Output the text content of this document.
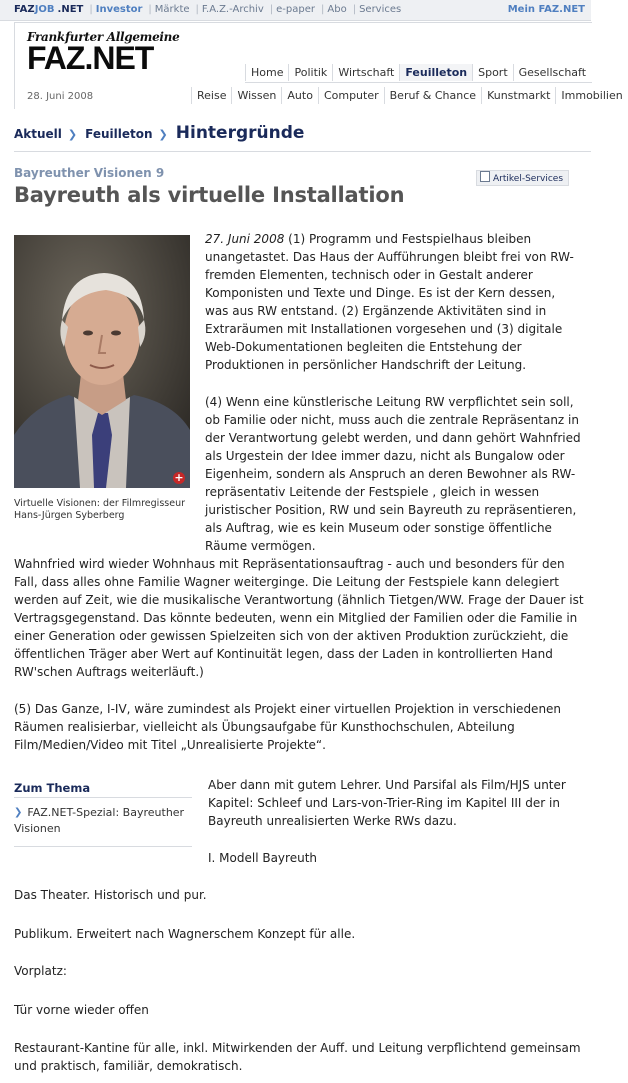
FAZJOB .NET | Investor | Märkte | F.A.Z.-Archiv | e-paper | Abo | Services	Mein FAZ.NET
Frankfurter Allgemeine
FAZ.NET
28. Juni 2008
Home Politik Wirtschaft Feuilleton Sport Gesellschaft
Reise Wissen Auto Computer Beruf & Chance Kunstmarkt Immobilien
Aktuell ❯ Feuilleton ❯ Hintergründe
Bayreuther Visionen 9
Bayreuth als virtuelle Installation
Artikel-Services
+
Virtuelle Visionen: der Filmregisseur Hans-Jürgen Syberberg
27. Juni 2008 (1) Programm und Festspielhaus bleiben unangetastet. Das Haus der Aufführungen bleibt frei von RW-fremden Elementen, technisch oder in Gestalt anderer Komponisten und Texte und Dinge. Es ist der Kern dessen, was aus RW entstand. (2) Ergänzende Aktivitäten sind in Extraräumen mit Installationen vorgesehen und (3) digitale Web-Dokumentationen begleiten die Entstehung der Produktionen in persönlicher Handschrift der Leitung.
(4) Wenn eine künstlerische Leitung RW verpflichtet sein soll, ob Familie oder nicht, muss auch die zentrale Repräsentanz in der Verantwortung gelebt werden, und dann gehört Wahnfried als Urgestein der Idee immer dazu, nicht als Bungalow oder Eigenheim, sondern als Anspruch an deren Bewohner als RW-repräsentativ Leitende der Festspiele , gleich in wessen juristischer Position, RW und sein Bayreuth zu repräsentieren, als Auftrag, wie es kein Museum oder sonstige öffentliche Räume vermögen.
Wahnfried wird wieder Wohnhaus mit Repräsentationsauftrag - auch und besonders für den Fall, dass alles ohne Familie Wagner weiterginge. Die Leitung der Festspiele kann delegiert werden auf Zeit, wie die musikalische Verantwortung (ähnlich Tietgen/WW. Frage der Dauer ist Vertragsgegenstand. Das könnte bedeuten, wenn ein Mitglied der Familien oder die Familie in einer Generation oder gewissen Spielzeiten sich von der aktiven Produktion zurückzieht, die öffentlichen Träger aber Wert auf Kontinuität legen, dass der Laden in kontrollierten Hand RW'schen Auftrags weiterläuft.)
(5) Das Ganze, I-IV, wäre zumindest als Projekt einer virtuellen Projektion in verschiedenen Räumen realisierbar, vielleicht als Übungsaufgabe für Kunsthochschulen, Abteilung Film/Medien/Video mit Titel „Unrealisierte Projekte“.
Zum Thema
❯ FAZ.NET-Spezial: Bayreuther Visionen
Aber dann mit gutem Lehrer. Und Parsifal als Film/HJS unter Kapitel: Schleef und Lars-von-Trier-Ring im Kapitel III der in Bayreuth unrealisierten Werke RWs dazu.
I. Modell Bayreuth
Das Theater. Historisch und pur.
Publikum. Erweitert nach Wagnerschem Konzept für alle.
Vorplatz:
Tür vorne wieder offen
Restaurant-Kantine für alle, inkl. Mitwirkenden der Auff. und Leitung verpflichtend gemeinsam und praktisch, familiär, demokratisch.
